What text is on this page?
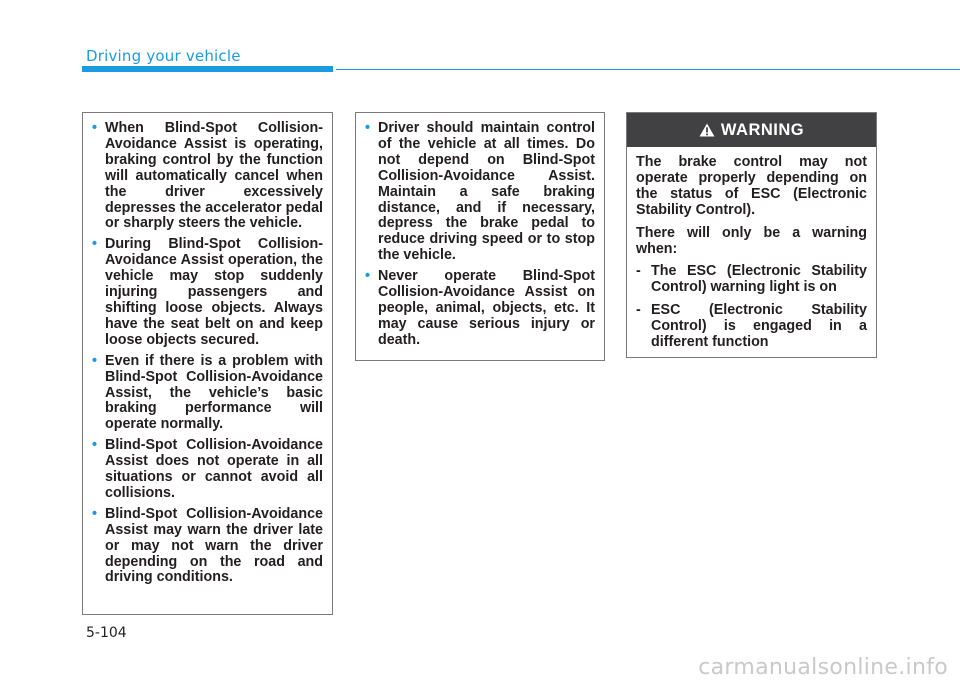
Driving your vehicle
• When Blind-Spot Collision-Avoidance Assist is operating, braking control by the function will automatically cancel when the driver excessively depresses the accelerator pedal or sharply steers the vehicle.
• During Blind-Spot Collision-Avoidance Assist operation, the vehicle may stop suddenly injuring passengers and shifting loose objects. Always have the seat belt on and keep loose objects secured.
• Even if there is a problem with Blind-Spot Collision-Avoidance Assist, the vehicle’s basic braking performance will operate normally.
• Blind-Spot Collision-Avoidance Assist does not operate in all situations or cannot avoid all collisions.
• Blind-Spot Collision-Avoidance Assist may warn the driver late or may not warn the driver depending on the road and driving conditions.
• Driver should maintain control of the vehicle at all times. Do not depend on Blind-Spot Collision-Avoidance Assist. Maintain a safe braking distance, and if necessary, depress the brake pedal to reduce driving speed or to stop the vehicle.
• Never operate Blind-Spot Collision-Avoidance Assist on people, animal, objects, etc. It may cause serious injury or death.
WARNING

The brake control may not operate properly depending on the status of ESC (Electronic Stability Control).

There will only be a warning when:

- The ESC (Electronic Stability Control) warning light is on
- ESC (Electronic Stability Control) is engaged in a different function
5-104
carmanualsonline.info
